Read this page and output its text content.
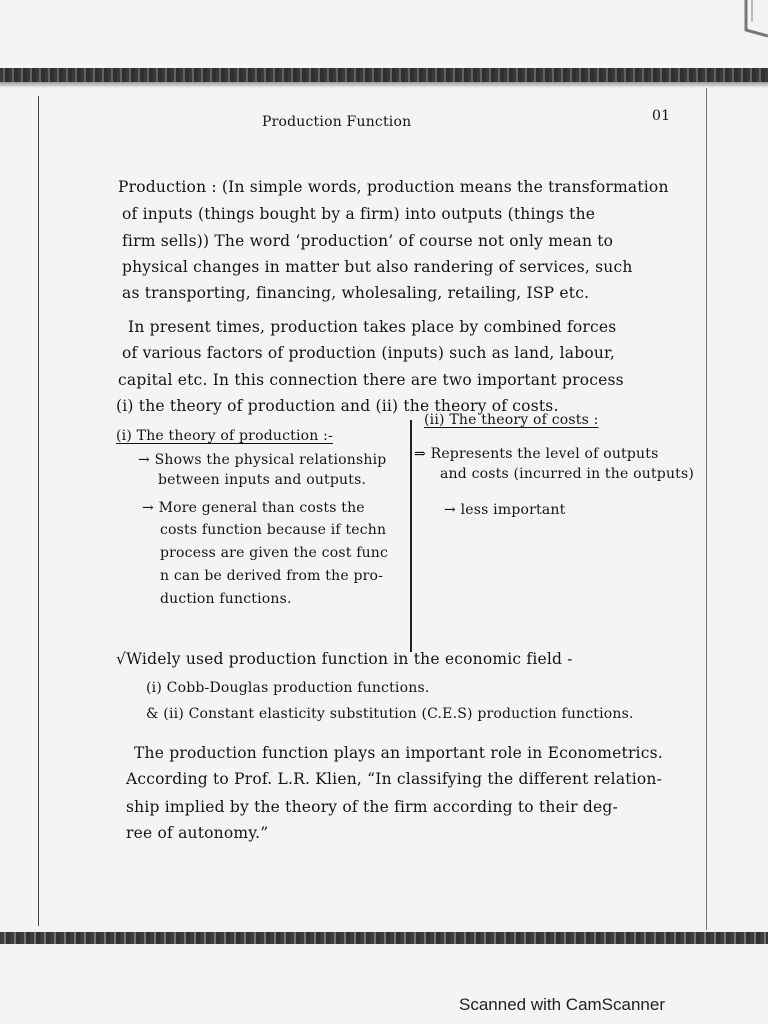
Production Function	01
Production : (In simple words, production means the transformation
of inputs (things bought by a firm) into outputs (things the
firm sells)) The word ‘production’ of course not only mean to
physical changes in matter but also randering of services, such
as transporting, financing, wholesaling, retailing, ISP etc.
In present times, production takes place by combined forces
of various factors of production (inputs) such as land, labour,
capital etc. In this connection there are two important process
(i) the theory of production and (ii) the theory of costs.
(i) The theory of production :-
→ Shows the physical relationship
between inputs and outputs.
→ More general than costs the
costs function because if techn
process are given the cost func
n can be derived from the pro-
duction functions.
(ii) The theory of costs :
⇒ Represents the level of outputs
and costs (incurred in the outputs)
→ less important
√Widely used production function in the economic field -
(i) Cobb-Douglas production functions.
& (ii) Constant elasticity substitution (C.E.S) production functions.
The production function plays an important role in Econometrics.
According to Prof. L.R. Klien, “In classifying the different relation-
ship implied by the theory of the firm according to their deg-
ree of autonomy.”
Scanned with CamScanner
